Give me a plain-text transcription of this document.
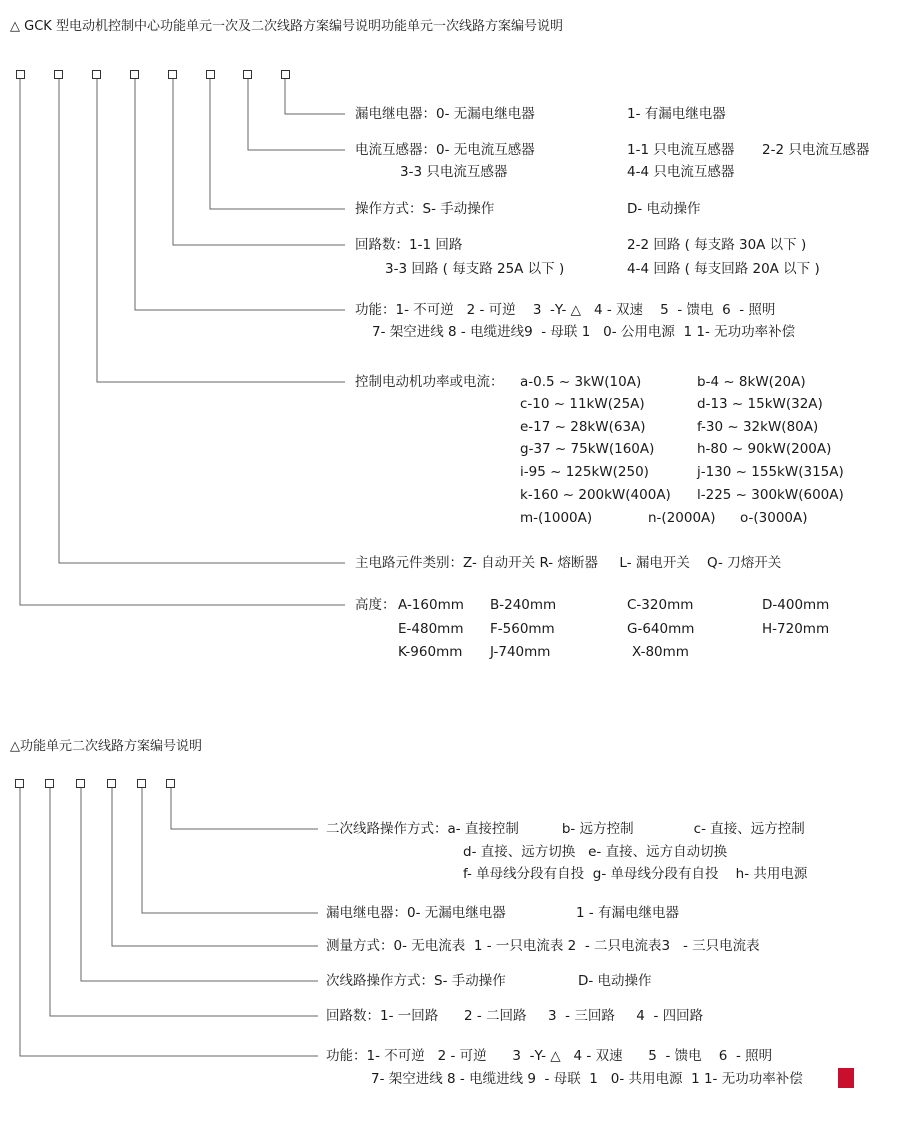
△ GCK 型电动机控制中心功能单元一次及二次线路方案编号说明功能单元一次线路方案编号说明
漏电继电器：0- 无漏电继电器	1- 有漏电继电器
电流互感器：0- 无电流互感器	1-1 只电流互感器 2-2 只电流互感器
3-3 只电流互感器	4-4 只电流互感器
操作方式：S- 手动操作	D- 电动操作
回路数：1-1 回路	2-2 回路 ( 每支路 30A 以下 )
3-3 回路 ( 每支路 25A 以下 )	4-4 回路 ( 每支回路 20A 以下 )
功能：1- 不可逆   2 - 可逆    3  -Y- △   4 - 双速    5  - 馈电  6  - 照明
7- 架空进线 8 - 电缆进线9  - 母联 1   0- 公用电源  1 1- 无功功率补偿
控制电动机功率或电流： a-0.5 ~ 3kW(10A)	b-4 ~ 8kW(20A)
c-10 ~ 11kW(25A)	d-13 ~ 15kW(32A)
e-17 ~ 28kW(63A)	f-30 ~ 32kW(80A)
g-37 ~ 75kW(160A)	h-80 ~ 90kW(200A)
i-95 ~ 125kW(250)	j-130 ~ 155kW(315A)
k-160 ~ 200kW(400A) l-225 ~ 300kW(600A)
m-(1000A)	n-(2000A) o-(3000A)
主电路元件类别：Z- 自动开关 R- 熔断器     L- 漏电开关    Q- 刀熔开关
高度： A-160mm B-240mm	C-320mm	D-400mm
E-480mm F-560mm	G-640mm	H-720mm
K-960mm J-740mm	X-80mm
△功能单元二次线路方案编号说明
二次线路操作方式：a- 直接控制          b- 远方控制              c- 直接、远方控制
d- 直接、远方切换   e- 直接、远方自动切换
f- 单母线分段有自投  g- 单母线分段有自投    h- 共用电源
漏电继电器：0- 无漏电继电器	1 - 有漏电继电器
测量方式：0- 无电流表  1 - 一只电流表 2  - 二只电流表3   - 三只电流表
次线路操作方式：S- 手动操作	D- 电动操作
回路数：1- 一回路      2 - 二回路     3  - 三回路     4  - 四回路
功能：1- 不可逆   2 - 可逆      3  -Y- △   4 - 双速      5  - 馈电    6  - 照明
7- 架空进线 8 - 电缆进线 9  - 母联  1   0- 共用电源  1 1- 无功功率补偿
